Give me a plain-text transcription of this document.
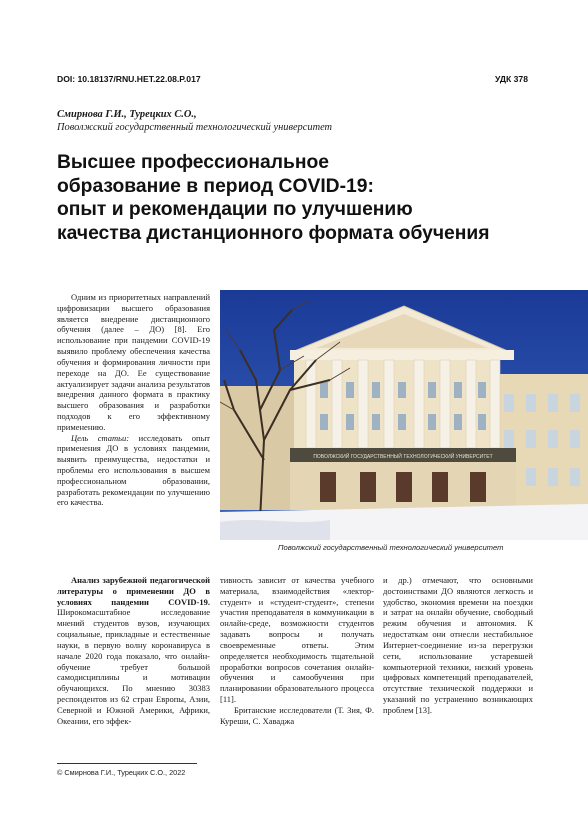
DOI: 10.18137/RNU.HET.22.08.P.017	УДК 378
Смирнова Г.И., Турецких С.О.,
Поволжский государственный технологический университет
Высшее профессиональное
образование в период COVID-19:
опыт и рекомендации по улучшению
качества дистанционного формата обучения
ПОВОЛЖСКИЙ ГОСУДАРСТВЕННЫЙ ТЕХНОЛОГИЧЕСКИЙ УНИВЕРСИТЕТ
Поволжский государственный технологический университет

Одним из приоритетных направлений цифровизации высшего образования является внедрение дистанционного обучения (далее – ДО) [8]. Его использование при пандемии COVID-19 выявило проблему обеспечения качества обучения и формирования личности при переходе на ДО. Ее существование актуализирует задачи анализа результатов внедрения данного формата в практику высшего образования и разработки подходов к его эффективному применению.

Цель статьи: исследовать опыт применения ДО в условиях пандемии, выявить преимущества, недостатки и проблемы его использования в высшем профессиональном образовании, разработать рекомендации по улучшению его качества.

Анализ зарубежной педагогической литературы о применении ДО в условиях пандемии COVID-19. Широкомасштабное исследование мнений студентов вузов, изучающих социальные, прикладные и естественные науки, в первую волну коронавируса в начале 2020 года показало, что онлайн-обучение требует большой самодисциплины и мотивации обучающихся. По мнению 30383 респондентов из 62 стран Европы, Азии, Северной и Южной Америки, Африки, Океании, его эффек-

тивность зависит от качества учебного материала, взаимодействия «лектор-студент» и «студент-студент», степени участия преподавателя в коммуникации в онлайн-среде, возможности студентов задавать вопросы и получать своевременные ответы. Этим определяется необходимость тщательной проработки вопросов сочетания онлайн-обучения и самообучения при планировании образовательного процесса [11].

Британские исследователи (Т. Зия, Ф. Куреши, С. Хаваджа

и др.) отмечают, что основными достоинствами ДО являются легкость и удобство, экономия времени на поездки и затрат на онлайн обучение, свободный режим обучения и автономия. К недостаткам они отнесли нестабильное Интернет-соединение из-за перегрузки сети, использование устаревшей компьютерной техники, низкий уровень цифровых компетенций преподавателей, отсутствие технической поддержки и указаний по устранению возникающих проблем [13].

© Смирнова Г.И., Турецких С.О., 2022
